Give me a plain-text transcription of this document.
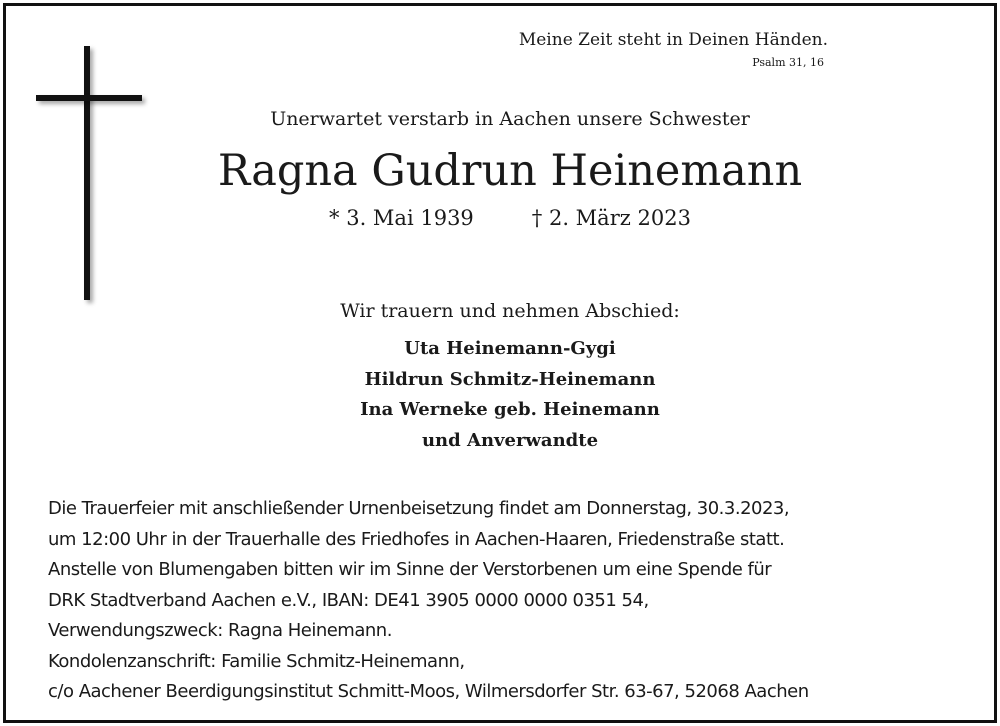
Meine Zeit steht in Deinen Händen.
Psalm 31, 16
Unerwartet verstarb in Aachen unsere Schwester
Ragna Gudrun Heinemann
* 3. Mai 1939	† 2. März 2023
Wir trauern und nehmen Abschied:
Uta Heinemann-Gygi
Hildrun Schmitz-Heinemann
Ina Werneke geb. Heinemann
und Anverwandte
Die Trauerfeier mit anschließender Urnenbeisetzung findet am Donnerstag, 30.3.2023,
um 12:00 Uhr in der Trauerhalle des Friedhofes in Aachen-Haaren, Friedenstraße statt.
Anstelle von Blumengaben bitten wir im Sinne der Verstorbenen um eine Spende für
DRK Stadtverband Aachen e.V., IBAN: DE41 3905 0000 0000 0351 54,
Verwendungszweck: Ragna Heinemann.
Kondolenzanschrift: Familie Schmitz-Heinemann,
c/o Aachener Beerdigungsinstitut Schmitt-Moos, Wilmersdorfer Str. 63-67, 52068 Aachen
